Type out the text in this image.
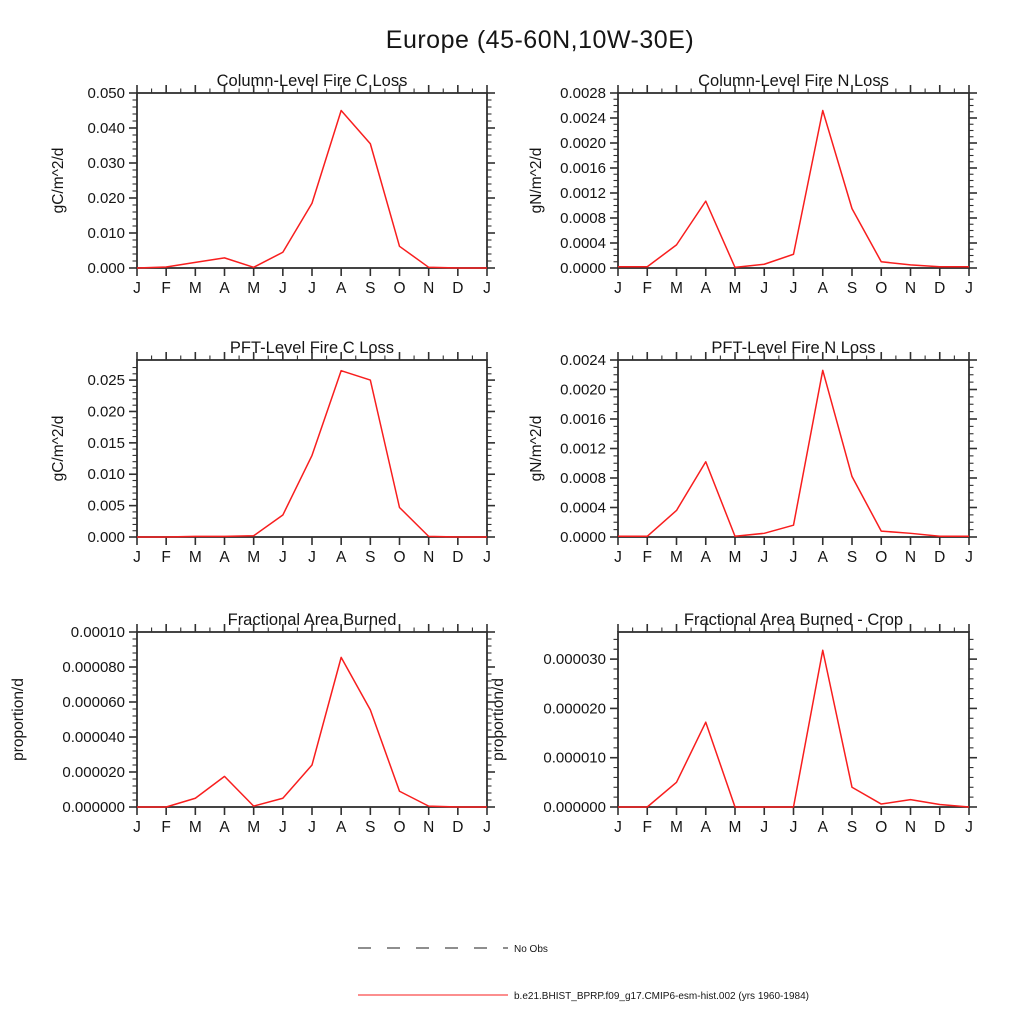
Europe (45-60N,10W-30E)
0.050
0.040
0.030
0.020
0.010
0.000
J F M A M J J A S O N D J
Column-Level Fire C Loss
gC/m^2/d
0.0028
0.0024
0.0020
0.0016
0.0012
0.0008
0.0004
0.0000
J F M A M J J A S O N D J
Column-Level Fire N Loss
gN/m^2/d
0.025
0.020
0.015
0.010
0.005
0.000
J F M A M J J A S O N D J
PFT-Level Fire C Loss
gC/m^2/d
0.0024
0.0020
0.0016
0.0012
0.0008
0.0004
0.0000
J F M A M J J A S O N D J
PFT-Level Fire N Loss
gN/m^2/d
0.00010
0.000080
0.000060
0.000040
0.000020
0.000000
J F M A M J J A S O N D J
Fractional Area Burned
proportion/d
0.000030
0.000020
0.000010
0.000000
J F M A M J J A S O N D J
Fractional Area Burned - Crop
proportion/d
No Obs
b.e21.BHIST_BPRP.f09_g17.CMIP6-esm-hist.002 (yrs 1960-1984)
